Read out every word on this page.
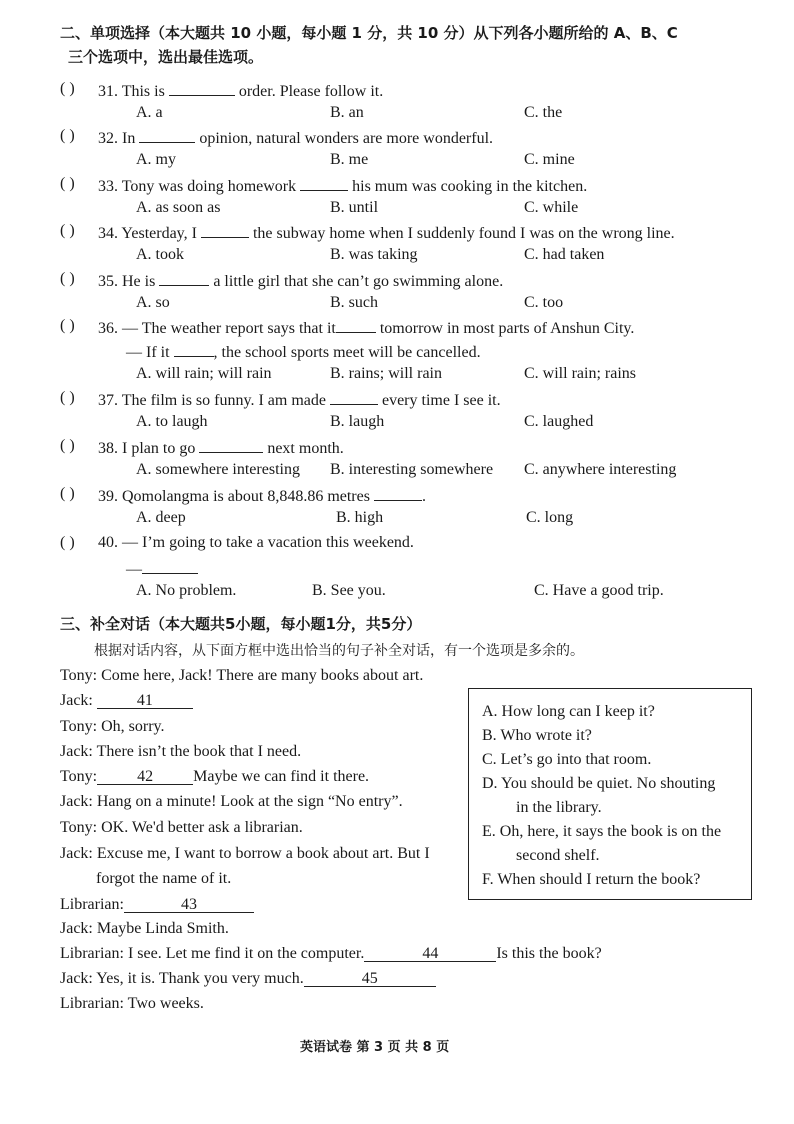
二、单项选择（本大题共 10 小题，每小题 1 分，共 10 分）从下列各小题所给的 A、B、C
三个选项中，选出最佳选项。
( ) 31. This is	order. Please follow it.
A. a	B. an	C. the
( ) 32. In	opinion, natural wonders are more wonderful.
A. my	B. me	C. mine
( ) 33. Tony was doing homework	his mum was cooking in the kitchen.
A. as soon as	B. until	C. while
( ) 34. Yesterday, I	the subway home when I suddenly found I was on the wrong line.
A. took	B. was taking	C. had taken
( ) 35. He is	a little girl that she can’t go swimming alone.
A. so	B. such	C. too
( ) 36. — The weather report says that it	tomorrow in most parts of Anshun City.
— If it	, the school sports meet will be cancelled.
A. will rain; will rain	B. rains; will rain	C. will rain; rains
( ) 37. The film is so funny. I am made	every time I see it.
A. to laugh	B. laugh	C. laughed
( ) 38. I plan to go	next month.
A. somewhere interesting B. interesting somewhere C. anywhere interesting
( ) 39. Qomolangma is about 8,848.86 metres	.
A. deep	B. high	C. long
( ) 40. — I’m going to take a vacation this weekend.
—
A. No problem.	B. See you.	C. Have a good trip.
三、补全对话（本大题共5小题，每小题1分，共5分）
根据对话内容，从下面方框中选出恰当的句子补全对话，有一个选项是多余的。
Tony: Come here, Jack! There are many books about art.
Jack:	41
Tony: Oh, sorry.
Jack: There isn’t the book that I need.
Tony:	42	Maybe we can find it there.
Jack: Hang on a minute! Look at the sign “No entry”.
Tony: OK. We'd better ask a librarian.
Jack: Excuse me, I want to borrow a book about art. But I
forgot the name of it.
Librarian:	43
Jack: Maybe Linda Smith.
Librarian: I see. Let me find it on the computer.	44	Is this the book?
Jack: Yes, it is. Thank you very much.	45
Librarian: Two weeks.
A. How long can I keep it?
B. Who wrote it?
C. Let’s go into that room.
D. You should be quiet. No shouting
in the library.
E. Oh, here, it says the book is on the
second shelf.
F. When should I return the book?
英语试卷 第 3 页 共 8 页
